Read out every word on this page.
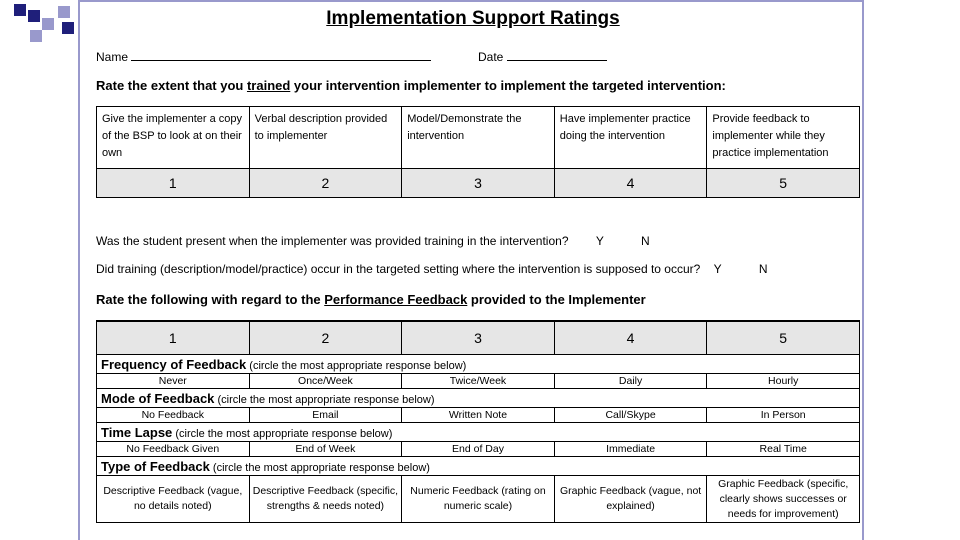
Implementation Support Ratings
Name	Date
Rate the extent that you trained your intervention implementer to implement the targeted intervention:
Give the implementer a copy of the BSP to look at on their own	Verbal description provided to implementer	Model/Demonstrate the intervention	Have implementer practice doing the intervention	Provide feedback to implementer while they practice implementation
1	2	3	4	5
Was the student present when the implementer was provided training in the intervention? Y	N
Did training (description/model/practice) occur in the targeted setting where the intervention is supposed to occur? Y	N
Rate the following with regard to the Performance Feedback provided to the Implementer
1	2	3	4	5
Frequency of Feedback (circle the most appropriate response below)				
Never	Once/Week	Twice/Week	Daily	Hourly
Mode of Feedback (circle the most appropriate response below)				
No Feedback	Email	Written Note	Call/Skype	In Person
Time Lapse (circle the most appropriate response below)				
No Feedback Given	End of Week	End of Day	Immediate	Real Time
Type of Feedback (circle the most appropriate response below)				
Descriptive Feedback (vague, no details noted)	Descriptive Feedback (specific, strengths & needs noted)	Numeric Feedback (rating on numeric scale)	Graphic Feedback (vague, not explained)	Graphic Feedback (specific, clearly shows successes or needs for improvement)
